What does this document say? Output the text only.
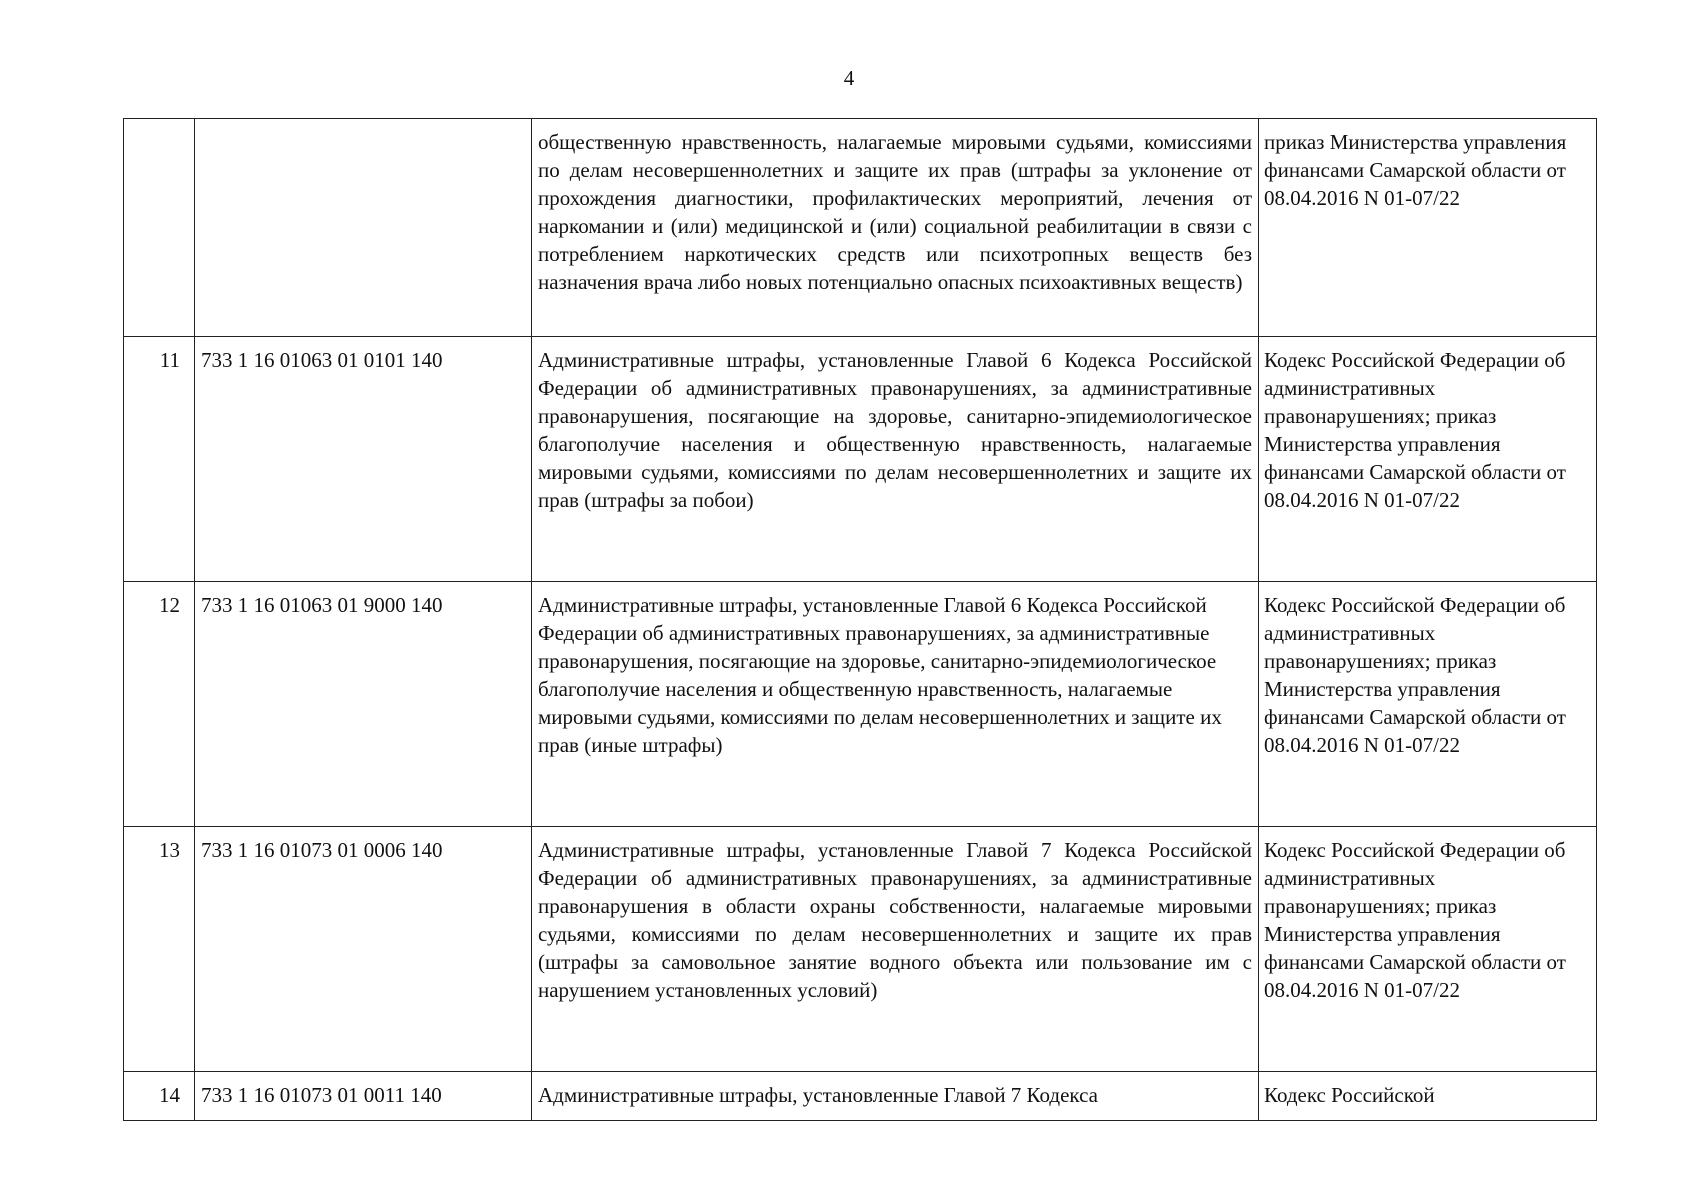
4
		общественную нравственность, налагаемые мировыми судьями, комиссиями по делам несовершеннолетних и защите их прав (штрафы за уклонение от прохождения диагностики, профилактических мероприятий, лечения от наркомании и (или) медицинской и (или) социальной реабилитации в связи с потреблением наркотических средств или психотропных веществ без назначения врача либо новых потенциально опасных психоактивных веществ)	приказ Министерства управления финансами Самарской области от 08.04.2016 N 01-07/22
11	733 1 16 01063 01 0101 140	Административные штрафы, установленные Главой 6 Кодекса Российской Федерации об административных правонарушениях, за административные правонарушения, посягающие на здоровье, санитарно-эпидемиологическое благополучие населения и общественную нравственность, налагаемые мировыми судьями, комиссиями по делам несовершеннолетних и защите их прав (штрафы за побои)	Кодекс Российской Федерации об административных правонарушениях; приказ Министерства управления финансами Самарской области от 08.04.2016 N 01-07/22
12	733 1 16 01063 01 9000 140	Административные штрафы, установленные Главой 6 Кодекса Российской Федерации об административных правонарушениях, за административные правонарушения, посягающие на здоровье, санитарно-эпидемиологическое благополучие населения и общественную нравственность, налагаемые мировыми судьями, комиссиями по делам несовершеннолетних и защите их прав (иные штрафы)	Кодекс Российской Федерации об административных правонарушениях; приказ Министерства управления финансами Самарской области от 08.04.2016 N 01-07/22
13	733 1 16 01073 01 0006 140	Административные штрафы, установленные Главой 7 Кодекса Российской Федерации об административных правонарушениях, за административные правонарушения в области охраны собственности, налагаемые мировыми судьями, комиссиями по делам несовершеннолетних и защите их прав (штрафы за самовольное занятие водного объекта или пользование им с нарушением установленных условий)	Кодекс Российской Федерации об административных правонарушениях; приказ Министерства управления финансами Самарской области от 08.04.2016 N 01-07/22
14	733 1 16 01073 01 0011 140	Административные штрафы, установленные Главой 7 Кодекса	Кодекс Российской
